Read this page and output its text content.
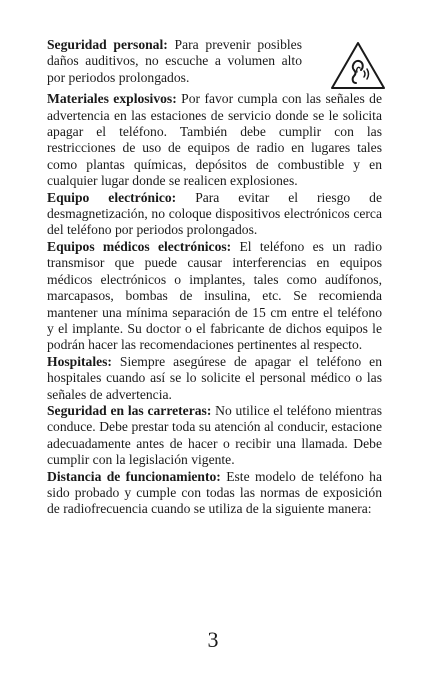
Seguridad personal: Para prevenir posibles daños auditivos, no escuche a volumen alto por periodos prolongados.

Materiales explosivos: Por favor cumpla con las señales de advertencia en las estaciones de servicio donde se le solicita apagar el teléfono. También debe cumplir con las restricciones de uso de equipos de radio en lugares tales como plantas químicas, depósitos de combustible y en cualquier lugar donde se realicen explosiones.

Equipo electrónico: Para evitar el riesgo de desmagnetización, no coloque dispositivos electrónicos cerca del teléfono por periodos prolongados.

Equipos médicos electrónicos: El teléfono es un radio transmisor que puede causar interferencias en equipos médicos electrónicos o implantes, tales como audífonos, marcapasos, bombas de insulina, etc. Se recomienda mantener una mínima separación de 15 cm entre el teléfono y el implante. Su doctor o el fabricante de dichos equipos le podrán hacer las recomendaciones pertinentes al respecto.

Hospitales: Siempre asegúrese de apagar el teléfono en hospitales cuando así se lo solicite el personal médico o las señales de advertencia.

Seguridad en las carreteras: No utilice el teléfono mientras conduce. Debe prestar toda su atención al conducir, estacione adecuadamente antes de hacer o recibir una llamada. Debe cumplir con la legislación vigente.

Distancia de funcionamiento: Este modelo de teléfono ha sido probado y cumple con todas las normas de exposición de radiofrecuencia cuando se utiliza de la siguiente manera:

3
